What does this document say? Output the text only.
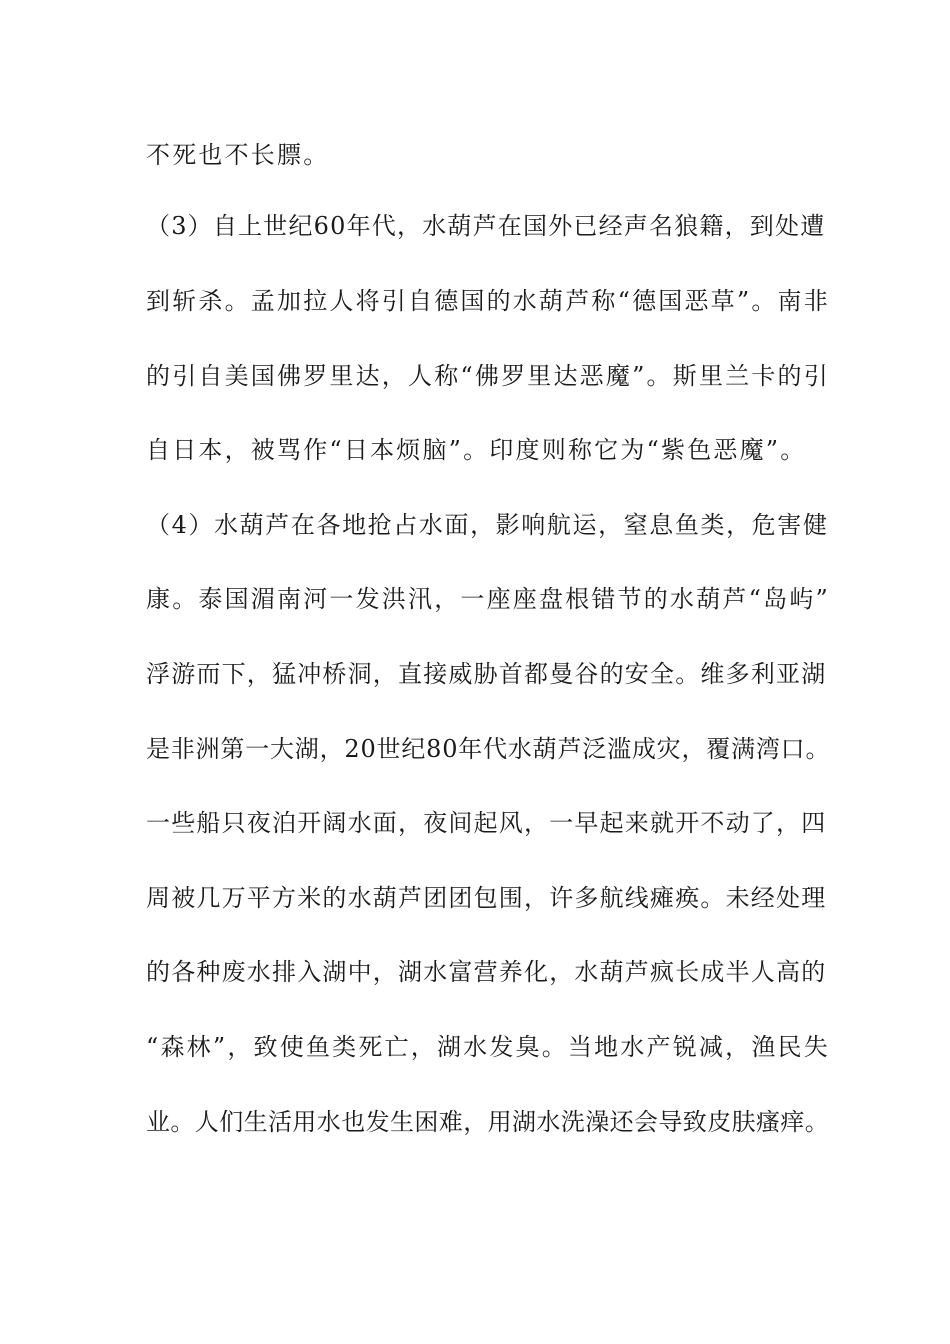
不死也不长膘。
（3）自上世纪60年代，水葫芦在国外已经声名狼籍，到处遭
到斩杀。孟加拉人将引自德国的水葫芦称“德国恶草”。南非
的引自美国佛罗里达，人称“佛罗里达恶魔”。斯里兰卡的引
自日本，被骂作“日本烦脑”。印度则称它为“紫色恶魔”。
（4）水葫芦在各地抢占水面，影响航运，窒息鱼类，危害健
康。泰国湄南河一发洪汛，一座座盘根错节的水葫芦“岛屿”
浮游而下，猛冲桥洞，直接威胁首都曼谷的安全。维多利亚湖
是非洲第一大湖，20世纪80年代水葫芦泛滥成灾，覆满湾口。
一些船只夜泊开阔水面，夜间起风，一早起来就开不动了，四
周被几万平方米的水葫芦团团包围，许多航线瘫痪。未经处理
的各种废水排入湖中，湖水富营养化，水葫芦疯长成半人高的
“森林”，致使鱼类死亡，湖水发臭。当地水产锐减，渔民失
业。人们生活用水也发生困难，用湖水洗澡还会导致皮肤瘙痒。
